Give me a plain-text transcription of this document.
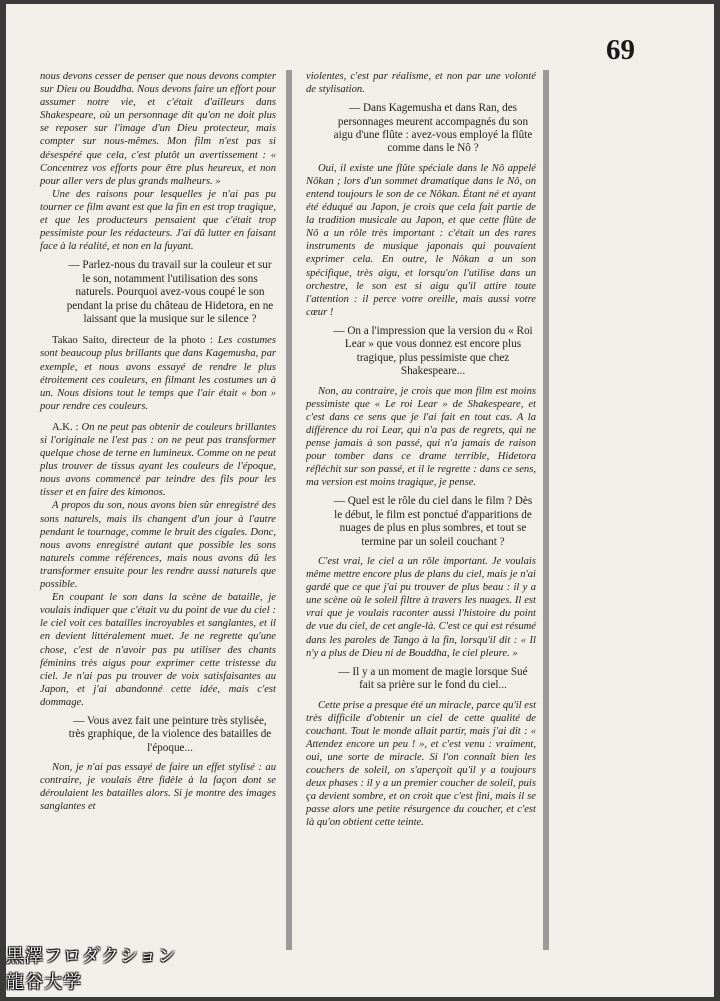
69

nous devons cesser de penser que nous devons compter sur Dieu ou Bouddha. Nous devons faire un effort pour assumer notre vie, et c'était d'ailleurs dans Shakespeare, où un personnage dit qu'on ne doit plus se reposer sur l'image d'un Dieu protecteur, mais compter sur nous-mêmes. Mon film n'est pas si désespéré que cela, c'est plutôt un avertissement : « Concentrez vos efforts pour être plus heureux, et non pour aller vers de plus grands malheurs. »

Une des raisons pour lesquelles je n'ai pas pu tourner ce film avant est que la fin en est trop tragique, et que les producteurs pensaient que c'était trop pessimiste pour les rédacteurs. J'ai dû lutter en faisant face à la réalité, et non en la fuyant.

— Parlez-nous du travail sur la couleur et sur le son, notamment l'utilisation des sons naturels. Pourquoi avez-vous coupé le son pendant la prise du château de Hidetora, en ne laissant que la musique sur le silence ?

Takao Saito, directeur de la photo : Les costumes sont beaucoup plus brillants que dans Kagemusha, par exemple, et nous avons essayé de rendre le plus étroitement ces couleurs, en filmant les costumes un à un. Nous disions tout le temps que l'air était « bon » pour rendre ces couleurs.

A.K. : On ne peut pas obtenir de couleurs brillantes si l'originale ne l'est pas : on ne peut pas transformer quelque chose de terne en lumineux. Comme on ne peut plus trouver de tissus ayant les couleurs de l'époque, nous avons commencé par teindre des fils pour les tisser et en faire des kimonos.

A propos du son, nous avons bien sûr enregistré des sons naturels, mais ils changent d'un jour à l'autre pendant le tournage, comme le bruit des cigales. Donc, nous avons enregistré autant que possible les sons naturels comme références, mais nous avons dû les transformer ensuite pour les rendre aussi naturels que possible.

En coupant le son dans la scène de bataille, je voulais indiquer que c'était vu du point de vue du ciel : le ciel voit ces batailles incroyables et sanglantes, et il en devient littéralement muet. Je ne regrette qu'une chose, c'est de n'avoir pas pu utiliser des chants féminins très aigus pour exprimer cette tristesse du ciel. Je n'ai pas pu trouver de voix satisfaisantes au Japon, et j'ai abandonné cette idée, mais c'est dommage.

— Vous avez fait une peinture très stylisée, très graphique, de la violence des batailles de l'époque...

Non, je n'ai pas essayé de faire un effet stylisé : au contraire, je voulais être fidèle à la façon dont se déroulaient les batailles alors. Si je montre des images sanglantes et

violentes, c'est par réalisme, et non par une volonté de stylisation.

— Dans Kagemusha et dans Ran, des personnages meurent accompagnés du son aigu d'une flûte : avez-vous employé la flûte comme dans le Nô ?

Oui, il existe une flûte spéciale dans le Nô appelé Nôkan ; lors d'un sommet dramatique dans le Nô, on entend toujours le son de ce Nôkan. Étant né et ayant été éduqué au Japon, je crois que cela fait partie de la tradition musicale au Japon, et que cette flûte de Nô a un rôle très important : c'était un des rares instruments de musique japonais qui pouvaient exprimer cela. En outre, le Nôkan a un son spécifique, très aigu, et lorsqu'on l'utilise dans un orchestre, le son est si aigu qu'il attire toute l'attention : il perce votre oreille, mais aussi votre cœur !

— On a l'impression que la version du « Roi Lear » que vous donnez est encore plus tragique, plus pessimiste que chez Shakespeare...

Non, au contraire, je crois que mon film est moins pessimiste que « Le roi Lear » de Shakespeare, et c'est dans ce sens que je l'ai fait en tout cas. A la différence du roi Lear, qui n'a pas de regrets, qui ne pense jamais à son passé, qui n'a jamais de raison pour tomber dans ce drame terrible, Hidetora réfléchit sur son passé, et il le regrette : dans ce sens, ma version est moins tragique, je pense.

— Quel est le rôle du ciel dans le film ? Dès le début, le film est ponctué d'apparitions de nuages de plus en plus sombres, et tout se termine par un soleil couchant ?

C'est vrai, le ciel a un rôle important. Je voulais même mettre encore plus de plans du ciel, mais je n'ai gardé que ce que j'ai pu trouver de plus beau : il y a une scène où le soleil filtre à travers les nuages. Il est vrai que je voulais raconter aussi l'histoire du point de vue du ciel, de cet angle-là. C'est ce qui est résumé dans les paroles de Tango à la fin, lorsqu'il dit : « Il n'y a plus de Dieu ni de Bouddha, le ciel pleure. »

— Il y a un moment de magie lorsque Sué fait sa prière sur le fond du ciel...

Cette prise a presque été un miracle, parce qu'il est très difficile d'obtenir un ciel de cette qualité de couchant. Tout le monde allait partir, mais j'ai dit : « Attendez encore un peu ! », et c'est venu : vraiment, oui, une sorte de miracle. Si l'on connaît bien les couchers de soleil, on s'aperçoit qu'il y a toujours deux phases : il y a un premier coucher de soleil, puis ça devient sombre, et on croit que c'est fini, mais il se passe alors une petite résurgence du coucher, et c'est là qu'on obtient cette teinte.

黒澤フロダクション
龍谷大学
